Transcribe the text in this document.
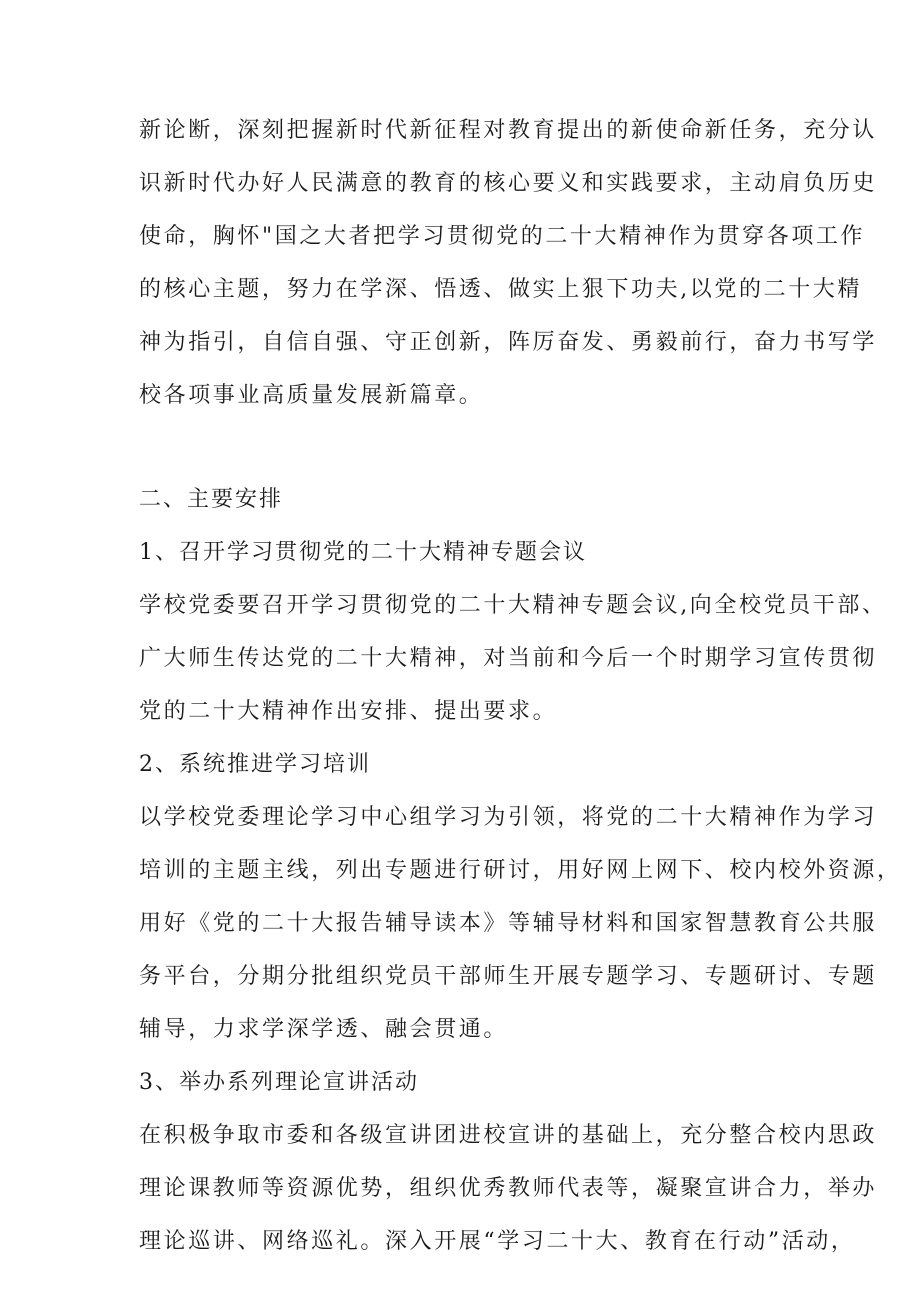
新论断，深刻把握新时代新征程对教育提出的新使命新任务，充分认
识新时代办好人民满意的教育的核心要义和实践要求，主动肩负历史
使命，胸怀"国之大者把学习贯彻党的二十大精神作为贯穿各项工作
的核心主题，努力在学深、悟透、做实上狠下功夫,以党的二十大精
神为指引，自信自强、守正创新，阵厉奋发、勇毅前行，奋力书写学
校各项事业高质量发展新篇章。
二、主要安排
1、召开学习贯彻党的二十大精神专题会议
学校党委要召开学习贯彻党的二十大精神专题会议,向全校党员干部、
广大师生传达党的二十大精神，对当前和今后一个时期学习宣传贯彻
党的二十大精神作出安排、提出要求。
2、系统推进学习培训
以学校党委理论学习中心组学习为引领，将党的二十大精神作为学习
培训的主题主线，列出专题进行研讨，用好网上网下、校内校外资源，
用好《党的二十大报告辅导读本》等辅导材料和国家智慧教育公共服
务平台，分期分批组织党员干部师生开展专题学习、专题研讨、专题
辅导，力求学深学透、融会贯通。
3、举办系列理论宣讲活动
在积极争取市委和各级宣讲团进校宣讲的基础上，充分整合校内思政
理论课教师等资源优势，组织优秀教师代表等，凝聚宣讲合力，举办
理论巡讲、网络巡礼。深入开展“学习二十大、教育在行动”活动，
